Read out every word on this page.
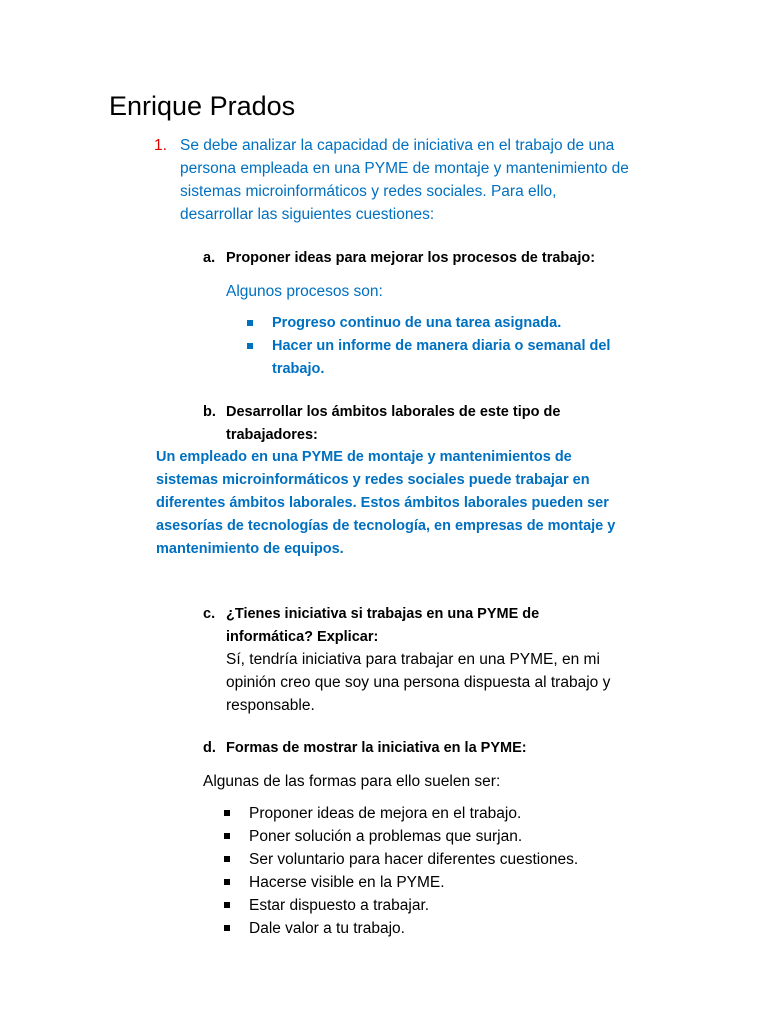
Enrique Prados
1. Se debe analizar la capacidad de iniciativa en el trabajo de una
persona empleada en una PYME de montaje y mantenimiento de
sistemas microinformáticos y redes sociales. Para ello,
desarrollar las siguientes cuestiones:
a. Proponer ideas para mejorar los procesos de trabajo:
Algunos procesos son:
Progreso continuo de una tarea asignada.
Hacer un informe de manera diaria o semanal del
trabajo.
b. Desarrollar los ámbitos laborales de este tipo de
trabajadores:
Un empleado en una PYME de montaje y mantenimientos de
sistemas microinformáticos y redes sociales puede trabajar en
diferentes ámbitos laborales. Estos ámbitos laborales pueden ser
asesorías de tecnologías de tecnología, en empresas de montaje y
mantenimiento de equipos.
c. ¿Tienes iniciativa si trabajas en una PYME de
informática? Explicar:
Sí, tendría iniciativa para trabajar en una PYME, en mi
opinión creo que soy una persona dispuesta al trabajo y
responsable.
d. Formas de mostrar la iniciativa en la PYME:
Algunas de las formas para ello suelen ser:
Proponer ideas de mejora en el trabajo.
Poner solución a problemas que surjan.
Ser voluntario para hacer diferentes cuestiones.
Hacerse visible en la PYME.
Estar dispuesto a trabajar.
Dale valor a tu trabajo.
